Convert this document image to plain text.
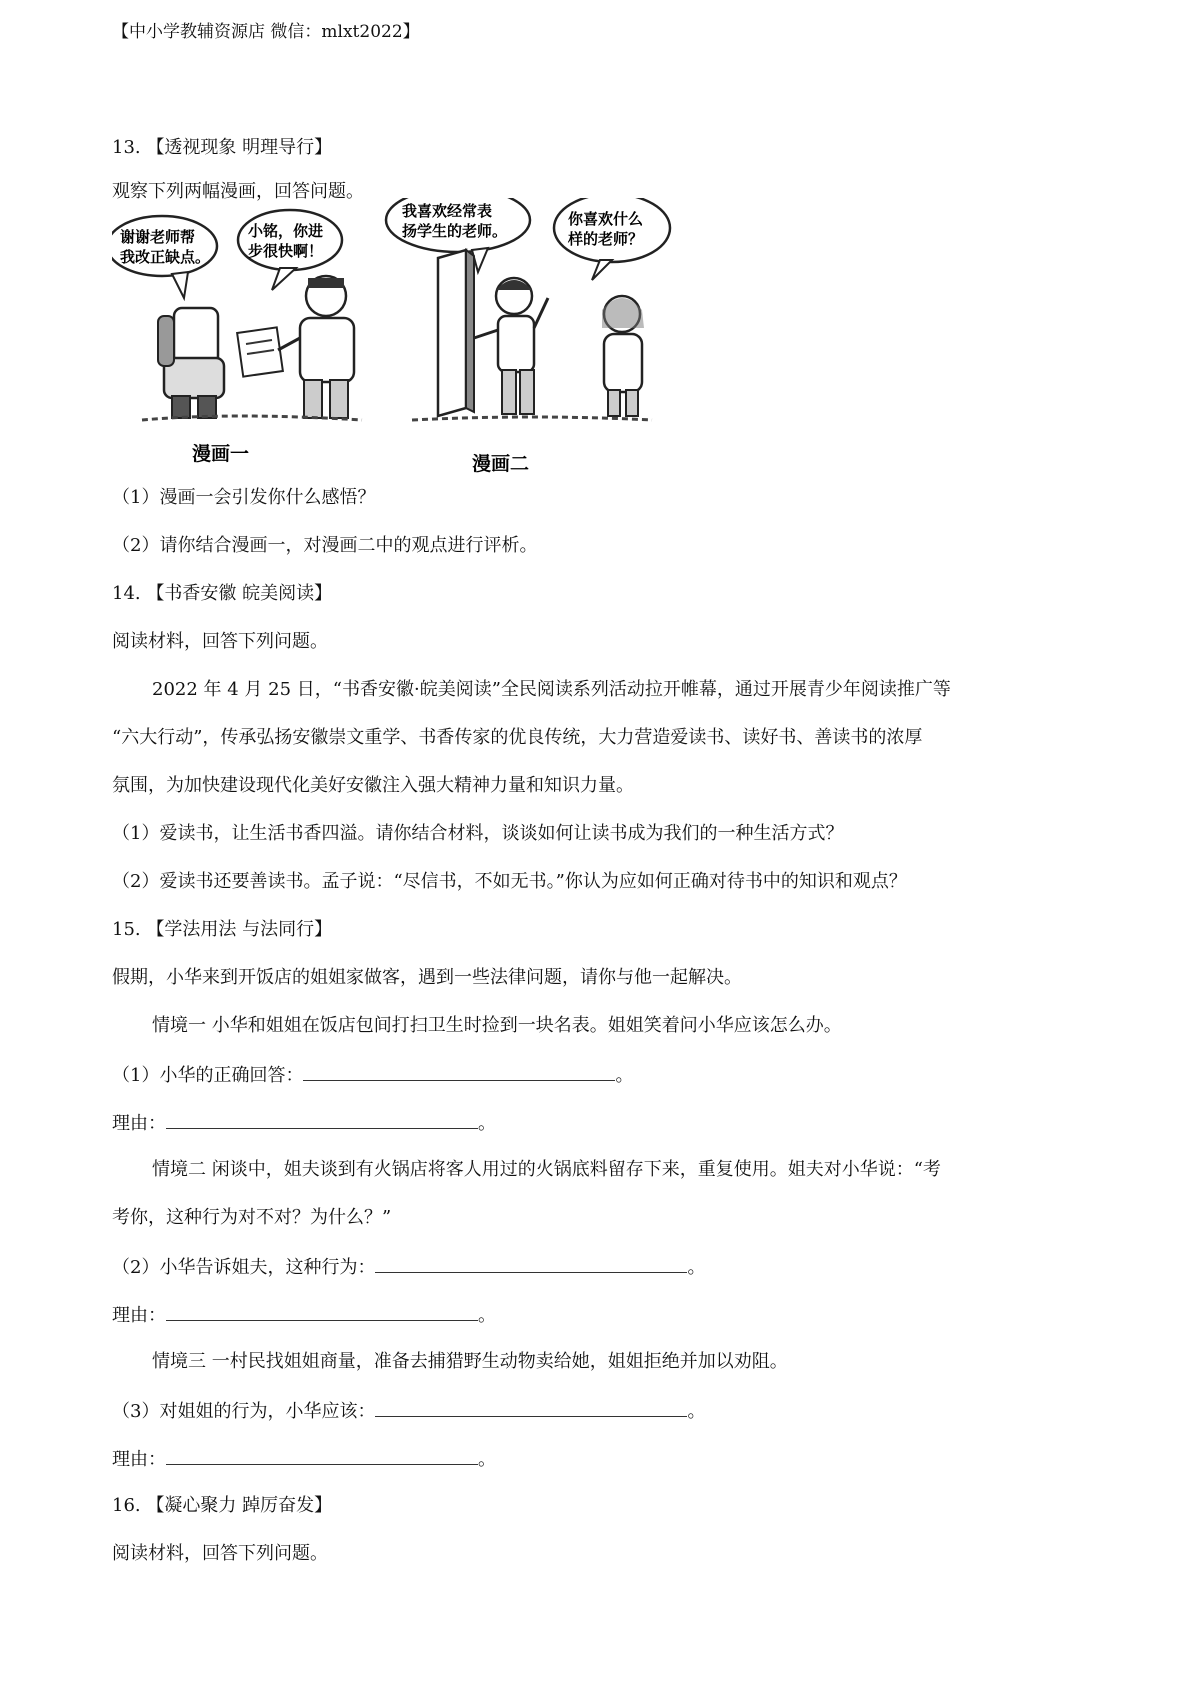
【中小学教辅资源店 微信：mlxt2022】
13. 【透视现象 明理导行】
观察下列两幅漫画，回答问题。
谢谢老师帮
我改正缺点。
小铭，你进
步很快啊！
漫画一
我喜欢经常表
扬学生的老师。
你喜欢什么
样的老师？
漫画二
（1）漫画一会引发你什么感悟？
（2）请你结合漫画一，对漫画二中的观点进行评析。
14. 【书香安徽 皖美阅读】
阅读材料，回答下列问题。
2022 年 4 月 25 日，“书香安徽·皖美阅读”全民阅读系列活动拉开帷幕，通过开展青少年阅读推广等
“六大行动”，传承弘扬安徽崇文重学、书香传家的优良传统，大力营造爱读书、读好书、善读书的浓厚
氛围，为加快建设现代化美好安徽注入强大精神力量和知识力量。
（1）爱读书，让生活书香四溢。请你结合材料，谈谈如何让读书成为我们的一种生活方式？
（2）爱读书还要善读书。孟子说：“尽信书，不如无书。”你认为应如何正确对待书中的知识和观点？
15. 【学法用法 与法同行】
假期，小华来到开饭店的姐姐家做客，遇到一些法律问题，请你与他一起解决。
情境一 小华和姐姐在饭店包间打扫卫生时捡到一块名表。姐姐笑着问小华应该怎么办。
（1）小华的正确回答：	。
理由：	。
情境二 闲谈中，姐夫谈到有火锅店将客人用过的火锅底料留存下来，重复使用。姐夫对小华说：“考
考你，这种行为对不对？为什么？”
（2）小华告诉姐夫，这种行为：	。
理由：	。
情境三 一村民找姐姐商量，准备去捕猎野生动物卖给她，姐姐拒绝并加以劝阻。
（3）对姐姐的行为，小华应该：	。
理由：	。
16. 【凝心聚力 踔厉奋发】
阅读材料，回答下列问题。
